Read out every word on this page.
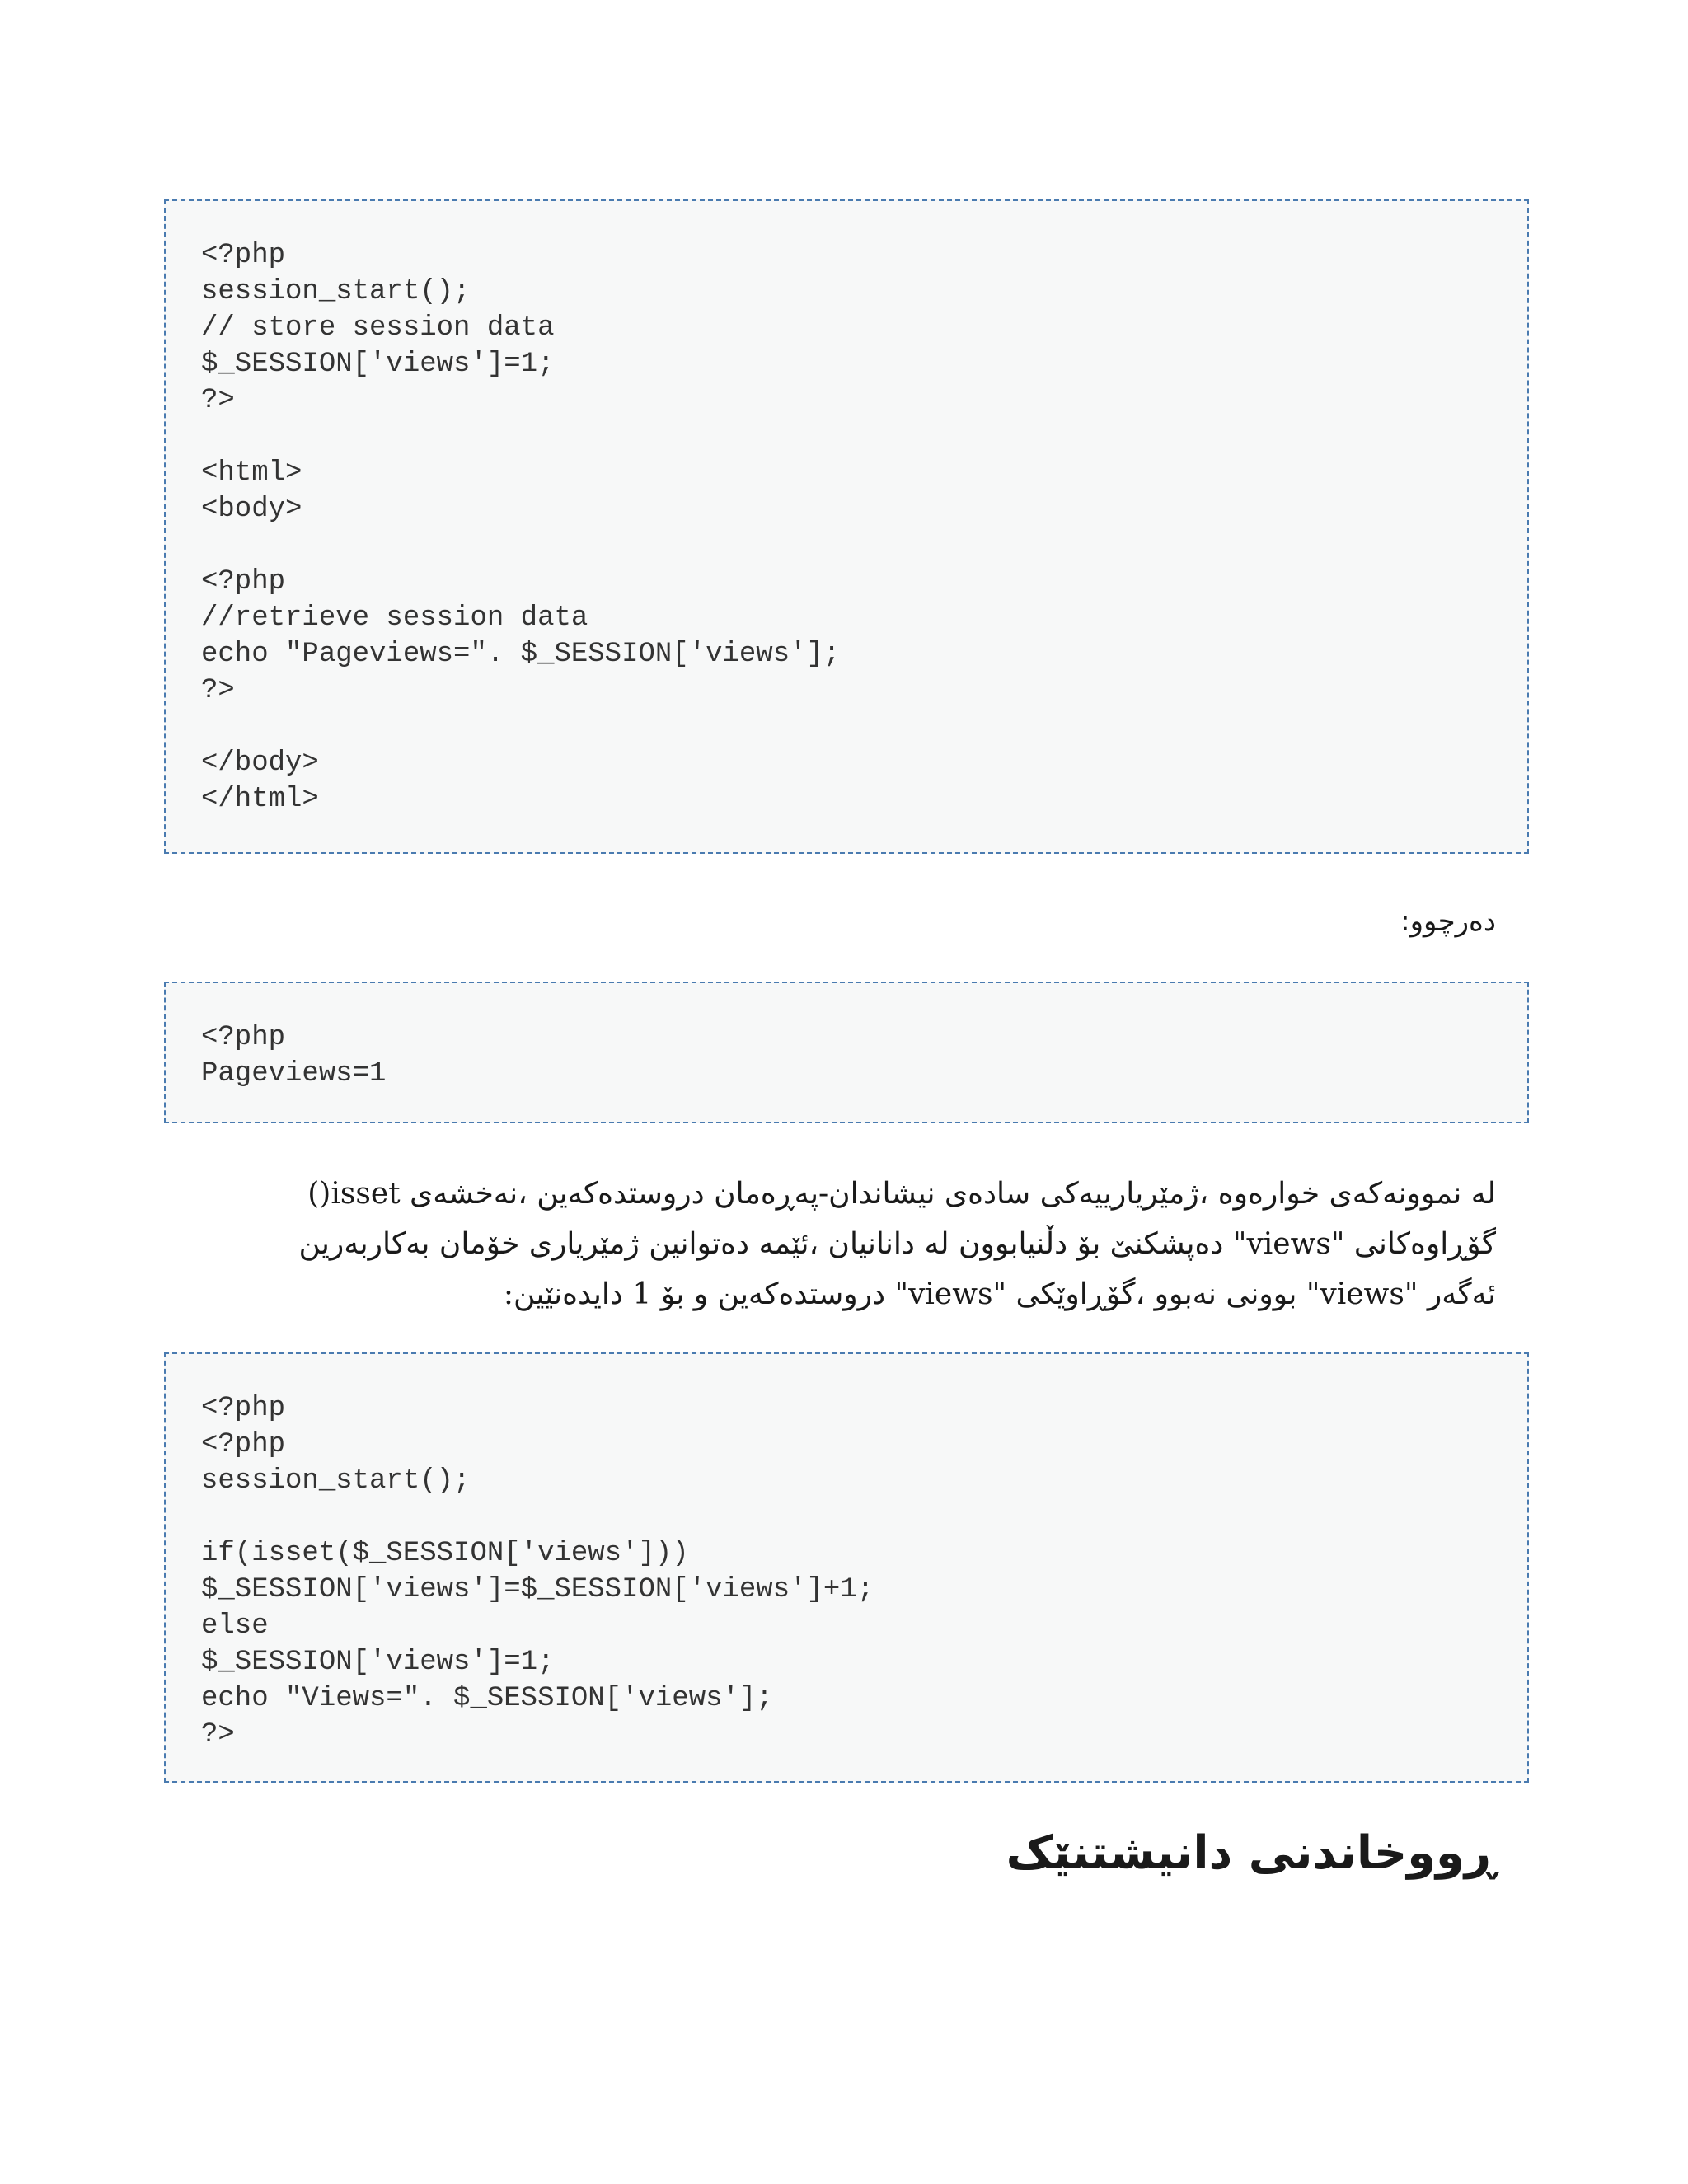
<?php
session_start();
// store session data
$_SESSION['views']=1;
?>

<html>
<body>

<?php
//retrieve session data
echo "Pageviews=". $_SESSION['views'];
?>

</body>
</html>
دەرچوو:
<?php
Pageviews=1
لە نموونەکەی خوارەوە ،ژمێریارییەکی سادەی نیشاندان-پەڕەمان دروستدەکەین ،نەخشەی isset() گۆڕاوەکانی "views" دەپشکنێ بۆ دڵنیابوون لە دانانیان ،ئێمە دەتوانین ژمێریاری خۆمان بەکاربەرین ئەگەر "views" بوونی نەبوو ،گۆڕاوێکی "views" دروستدەکەین و بۆ 1 دایدەنێین:
<?php
<?php
session_start();

if(isset($_SESSION['views']))
$_SESSION['views']=$_SESSION['views']+1;
else
$_SESSION['views']=1;
echo "Views=". $_SESSION['views'];
?>
ڕووخاندنی دانیشتنێک
